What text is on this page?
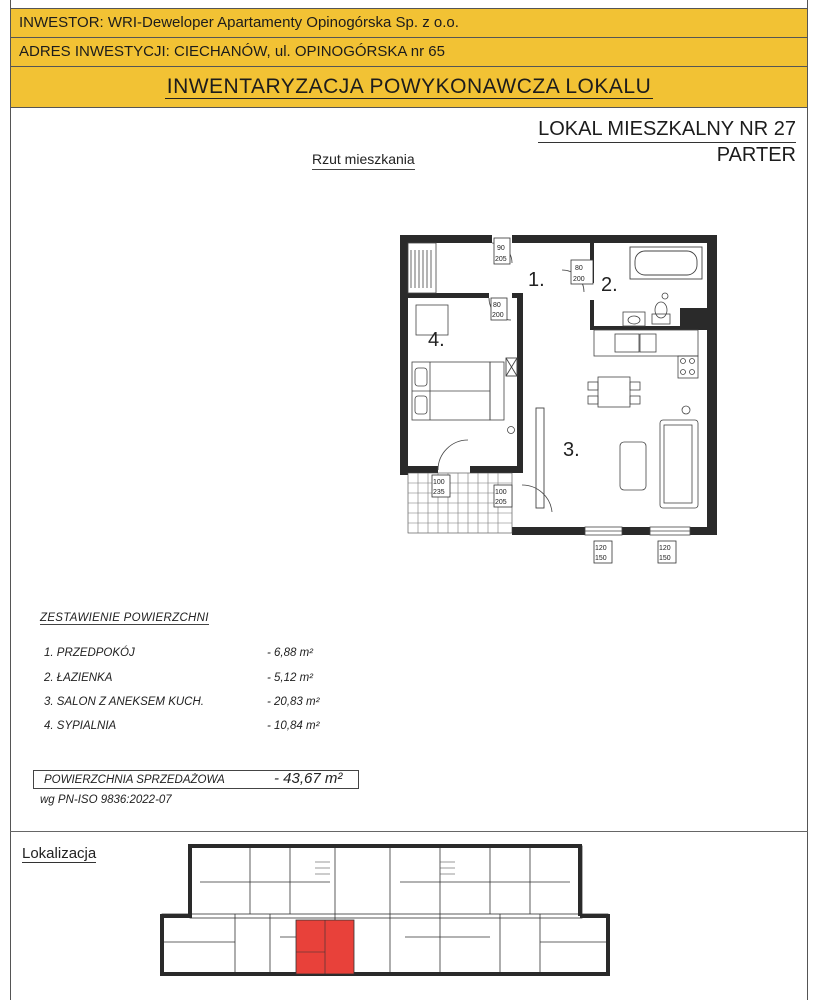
INWESTOR: WRI-Deweloper Apartamenty Opinogórska Sp. z o.o.
ADRES INWESTYCJI: CIECHANÓW, ul. OPINOGÓRSKA nr 65
INWENTARYZACJA POWYKONAWCZA LOKALU
LOKAL MIESZKALNY NR 27
PARTER
Rzut mieszkania
1.	2.
3.
4.
90
205
80
200
80
200
100
235	100
205
120
150
120
150
ZESTAWIENIE POWIERZCHNI
1. PRZEDPOKÓJ	- 6,88 m²
2. ŁAZIENKA	- 5,12 m²
3. SALON Z ANEKSEM KUCH.	- 20,83 m²
4. SYPIALNIA	- 10,84 m²
POWIERZCHNIA SPRZEDAŻOWA	- 43,67 m²
wg PN-ISO 9836:2022-07
Lokalizacja
